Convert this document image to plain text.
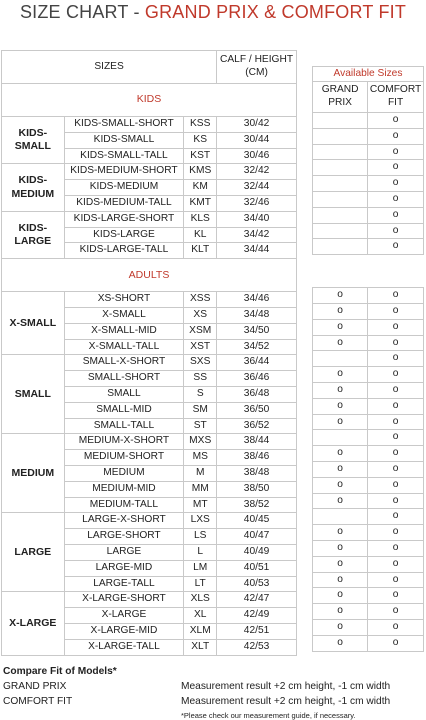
SIZE CHART - GRAND PRIX & COMFORT FIT
SIZES			CALF / HEIGHT
(CM)
KIDS			
KIDS-SMALL	KIDS-SMALL-SHORT	KSS	30/42
	KIDS-SMALL	KS	30/44
	KIDS-SMALL-TALL	KST	30/46
KIDS-MEDIUM	KIDS-MEDIUM-SHORT	KMS	32/42
	KIDS-MEDIUM	KM	32/44
	KIDS-MEDIUM-TALL	KMT	32/46
KIDS-LARGE	KIDS-LARGE-SHORT	KLS	34/40
	KIDS-LARGE	KL	34/42
	KIDS-LARGE-TALL	KLT	34/44
ADULTS			
X-SMALL	XS-SHORT	XSS	34/46
	X-SMALL	XS	34/48
	X-SMALL-MID	XSM	34/50
	X-SMALL-TALL	XST	34/52
SMALL	SMALL-X-SHORT	SXS	36/44
	SMALL-SHORT	SS	36/46
	SMALL	S	36/48
	SMALL-MID	SM	36/50
	SMALL-TALL	ST	36/52
MEDIUM	MEDIUM-X-SHORT	MXS	38/44
	MEDIUM-SHORT	MS	38/46
	MEDIUM	M	38/48
	MEDIUM-MID	MM	38/50
	MEDIUM-TALL	MT	38/52
LARGE	LARGE-X-SHORT	LXS	40/45
	LARGE-SHORT	LS	40/47
	LARGE	L	40/49
	LARGE-MID	LM	40/51
	LARGE-TALL	LT	40/53
X-LARGE	X-LARGE-SHORT	XLS	42/47
	X-LARGE	XL	42/49
	X-LARGE-MID	XLM	42/51
	X-LARGE-TALL	XLT	42/53
Available Sizes	
GRAND PRIX	COMFORT FIT
	o
	o
	o
	o
	o
	o
	o
	o
	o

o	o
o	o
o	o
o	o
	o
o	o
o	o
o	o
o	o
	o
o	o
o	o
o	o
o	o
	o
o	o
o	o
o	o
o	o
o	o
o	o
o	o
o	o
Compare Fit of Models*
GRAND PRIX	Measurement result +2 cm height, -1 cm width
COMFORT FIT	Measurement result +2 cm height, -1 cm width
*Please check our measurement guide, if necessary.
